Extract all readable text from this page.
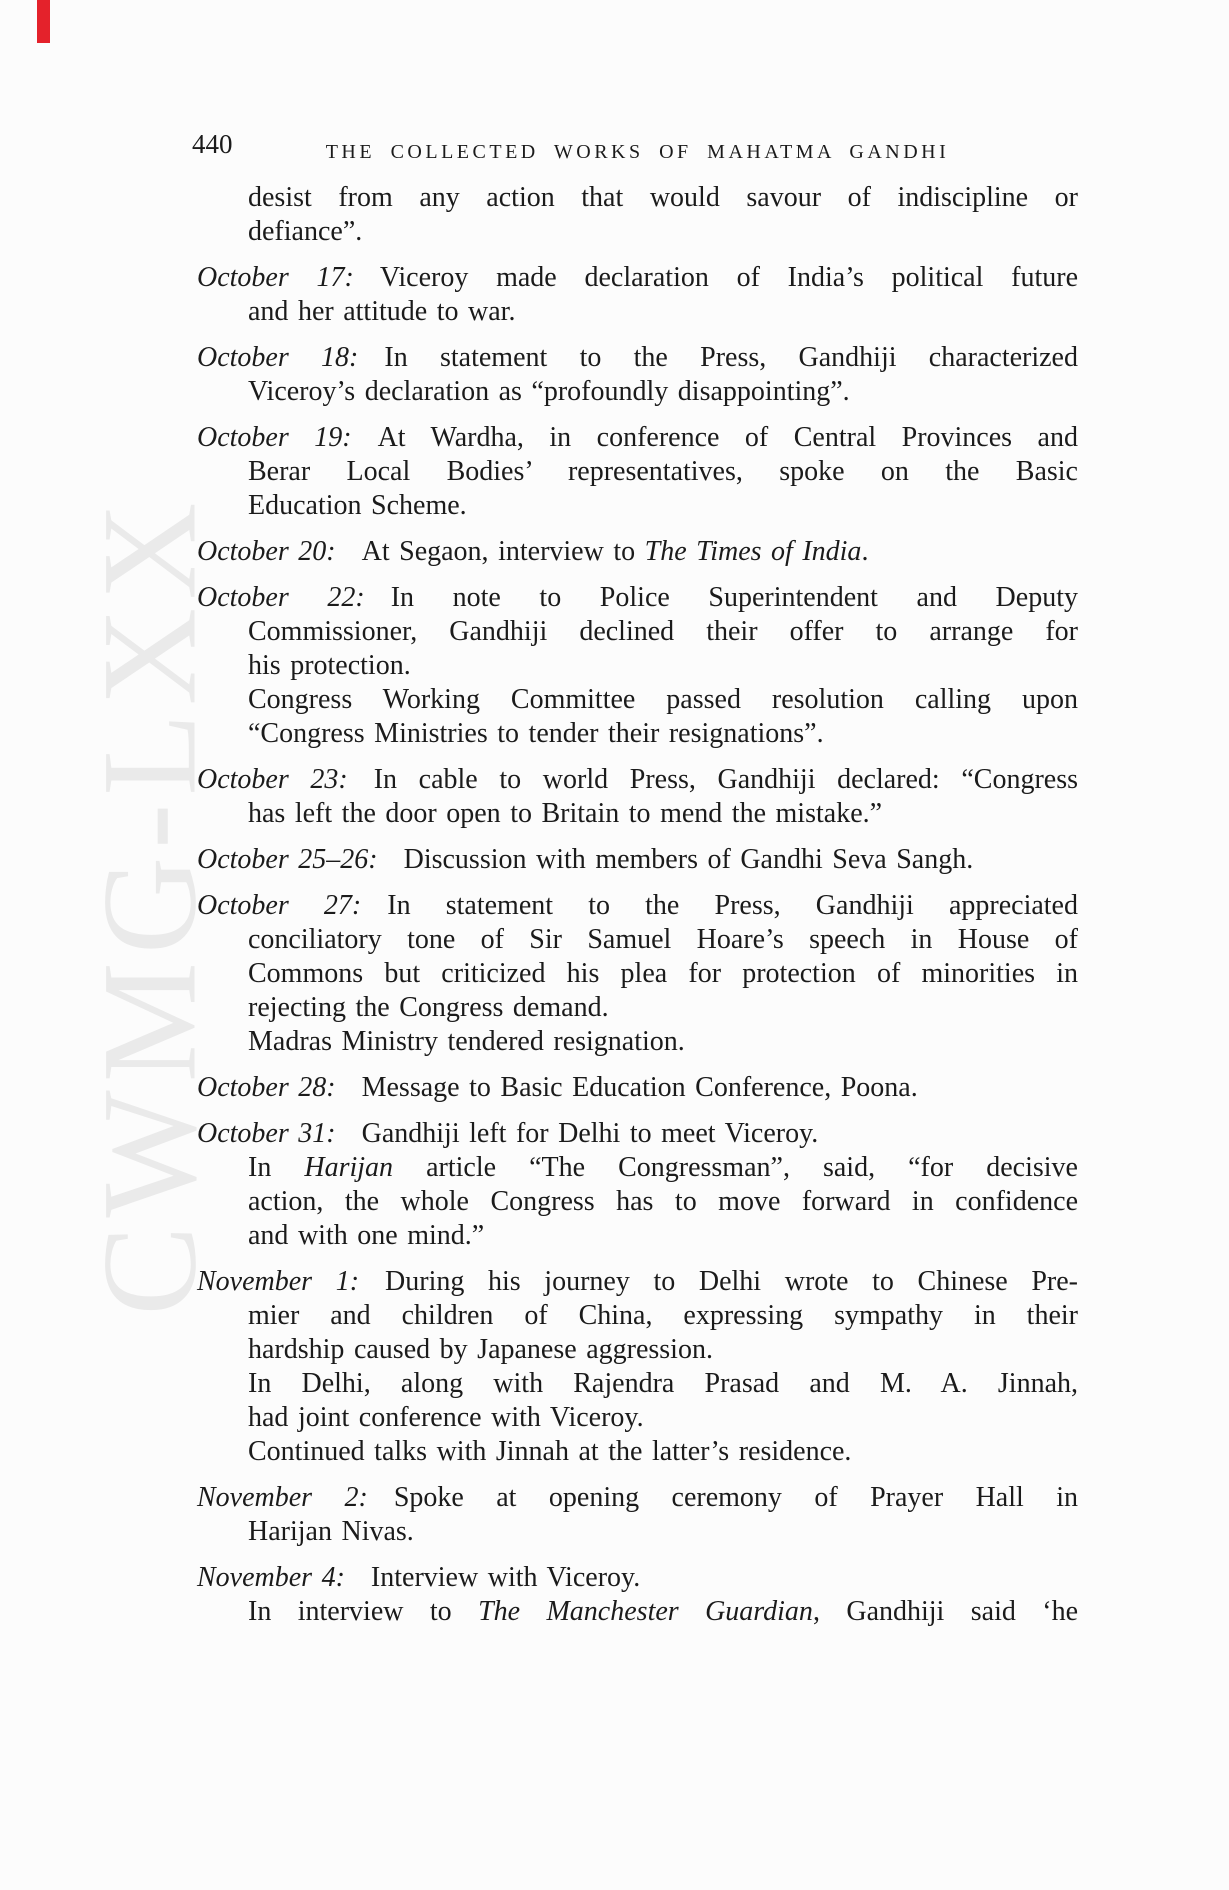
CWMG-LXX
440	THE COLLECTED WORKS OF MAHATMA GANDHI
desist from any action that would savour of indiscipline or
defiance”.
October 17: Viceroy made declaration of India’s political future
and her attitude to war.
October 18: In statement to the Press, Gandhiji characterized
Viceroy’s declaration as “profoundly disappointing”.
October 19: At Wardha, in conference of Central Provinces and
Berar Local Bodies’ representatives, spoke on the Basic
Education Scheme.
October 20: At Segaon, interview to The Times of India.
October 22: In note to Police Superintendent and Deputy
Commissioner, Gandhiji declined their offer to arrange for
his protection.
Congress Working Committee passed resolution calling upon
“Congress Ministries to tender their resignations”.
October 23: In cable to world Press, Gandhiji declared: “Congress
has left the door open to Britain to mend the mistake.”
October 25–26: Discussion with members of Gandhi Seva Sangh.
October 27: In statement to the Press, Gandhiji appreciated
conciliatory tone of Sir Samuel Hoare’s speech in House of
Commons but criticized his plea for protection of minorities in
rejecting the Congress demand.
Madras Ministry tendered resignation.
October 28: Message to Basic Education Conference, Poona.
October 31: Gandhiji left for Delhi to meet Viceroy.
In Harijan article “The Congressman”, said, “for decisive
action, the whole Congress has to move forward in confidence
and with one mind.”
November 1: During his journey to Delhi wrote to Chinese Pre-
mier and children of China, expressing sympathy in their
hardship caused by Japanese aggression.
In Delhi, along with Rajendra Prasad and M. A. Jinnah,
had joint conference with Viceroy.
Continued talks with Jinnah at the latter’s residence.
November 2: Spoke at opening ceremony of Prayer Hall in
Harijan Nivas.
November 4: Interview with Viceroy.
In interview to The Manchester Guardian, Gandhiji said ‘he
